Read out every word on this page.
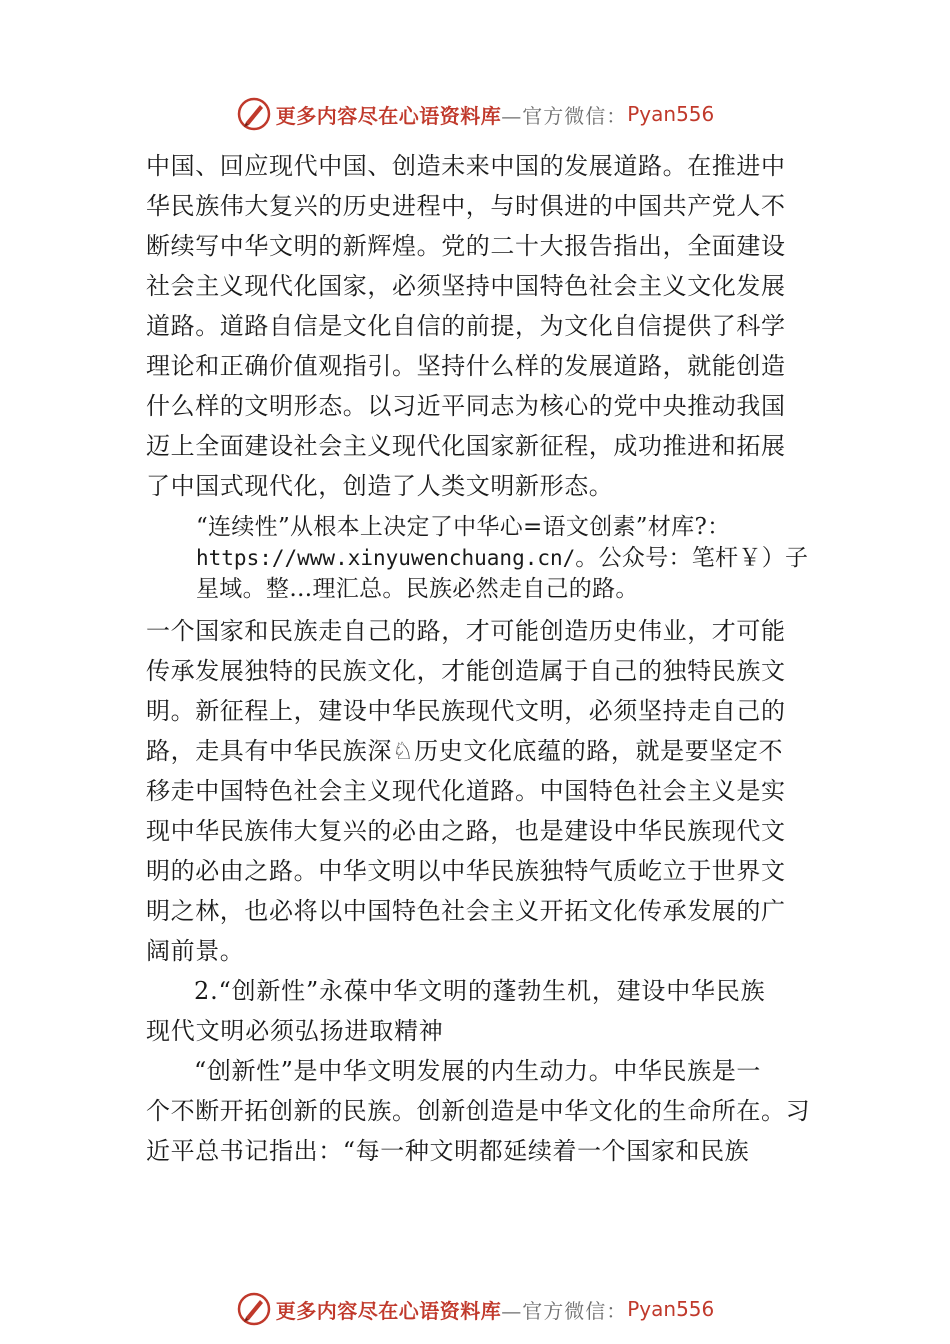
更多内容尽在心语资料库 —官方微信： Pyan556
中国、回应现代中国、创造未来中国的发展道路。在推进中
华民族伟大复兴的历史进程中，与时俱进的中国共产党人不
断续写中华文明的新辉煌。党的二十大报告指出，全面建设
社会主义现代化国家，必须坚持中国特色社会主义文化发展
道路。道路自信是文化自信的前提，为文化自信提供了科学
理论和正确价值观指引。坚持什么样的发展道路，就能创造
什么样的文明形态。以习近平同志为核心的党中央推动我国
迈上全面建设社会主义现代化国家新征程，成功推进和拓展
了中国式现代化，创造了人类文明新形态。
“连续性”从根本上决定了中华心=语文创素”材库?：
https://www.xinyuwenchuang.cn/。公众号：笔杆￥）子
星域。整…理汇总。民族必然走自己的路。
一个国家和民族走自己的路，才可能创造历史伟业，才可能
传承发展独特的民族文化，才能创造属于自己的独特民族文
明。新征程上，建设中华民族现代文明，必须坚持走自己的
路，走具有中华民族深♘历史文化底蕴的路，就是要坚定不
移走中国特色社会主义现代化道路。中国特色社会主义是实
现中华民族伟大复兴的必由之路，也是建设中华民族现代文
明的必由之路。中华文明以中华民族独特气质屹立于世界文
明之林，也必将以中国特色社会主义开拓文化传承发展的广
阔前景。
2.“创新性”永葆中华文明的蓬勃生机，建设中华民族
现代文明必须弘扬进取精神
“创新性”是中华文明发展的内生动力。中华民族是一
个不断开拓创新的民族。创新创造是中华文化的生命所在。习
近平总书记指出：“每一种文明都延续着一个国家和民族
更多内容尽在心语资料库 —官方微信： Pyan556
